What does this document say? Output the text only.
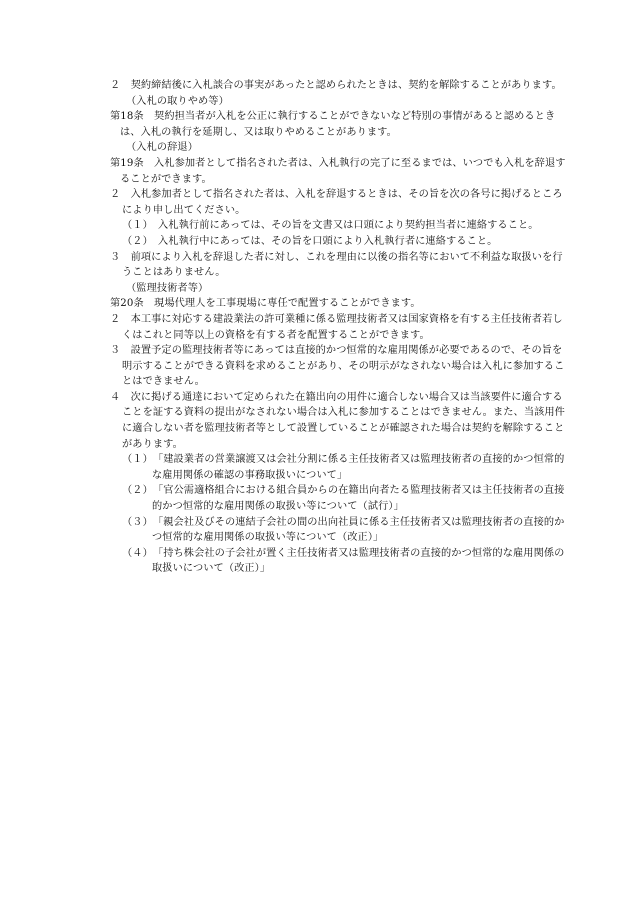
２　契約締結後に入札談合の事実があったと認められたときは、契約を解除することがあります。

（入札の取りやめ等）

第18条　契約担当者が入札を公正に執行することができないなど特別の事情があると認めるときは、入札の執行を延期し、又は取りやめることがあります。

（入札の辞退）

第19条　入札参加者として指名された者は、入札執行の完了に至るまでは、いつでも入札を辞退することができます。

２　入札参加者として指名された者は、入札を辞退するときは、その旨を次の各号に掲げるところにより申し出てください。

（１）　入札執行前にあっては、その旨を文書又は口頭により契約担当者に連絡すること。

（２）　入札執行中にあっては、その旨を口頭により入札執行者に連絡すること。

３　前項により入札を辞退した者に対し、これを理由に以後の指名等において不利益な取扱いを行うことはありません。

（監理技術者等）

第20条　現場代理人を工事現場に専任で配置することができます。

２　本工事に対応する建設業法の許可業種に係る監理技術者又は国家資格を有する主任技術者若しくはこれと同等以上の資格を有する者を配置することができます。

３　設置予定の監理技術者等にあっては直接的かつ恒常的な雇用関係が必要であるので、その旨を明示することができる資料を求めることがあり、その明示がなされない場合は入札に参加することはできません。

４　次に掲げる通達において定められた在籍出向の用件に適合しない場合又は当該要件に適合することを証する資料の提出がなされない場合は入札に参加することはできません。また、当該用件に適合しない者を監理技術者等として設置していることが確認された場合は契約を解除することがあります。

（１）　「建設業者の営業譲渡又は会社分割に係る主任技術者又は監理技術者の直接的かつ恒常的な雇用関係の確認の事務取扱いについて」

（２）　「官公需適格組合における組合員からの在籍出向者たる監理技術者又は主任技術者の直接的かつ恒常的な雇用関係の取扱い等について（試行）」

（３）　「親会社及びその連結子会社の間の出向社員に係る主任技術者又は監理技術者の直接的かつ恒常的な雇用関係の取扱い等について（改正）」

（４）　「持ち株会社の子会社が置く主任技術者又は監理技術者の直接的かつ恒常的な雇用関係の取扱いについて（改正）」
